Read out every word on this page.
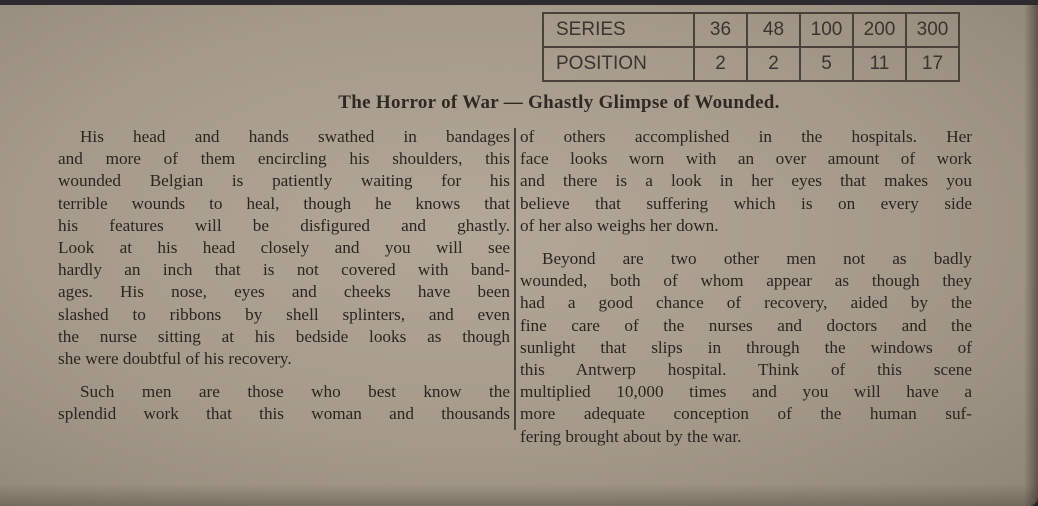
SERIES	36	48	100	200	300
POSITION	2	2	5	11	17
The Horror of War — Ghastly Glimpse of Wounded.
His head and hands swathed in bandages
and more of them encircling his shoulders, this
wounded Belgian is patiently waiting for his
terrible wounds to heal, though he knows that
his features will be disfigured and ghastly.
Look at his head closely and you will see
hardly an inch that is not covered with band-
ages. His nose, eyes and cheeks have been
slashed to ribbons by shell splinters, and even
the nurse sitting at his bedside looks as though
she were doubtful of his recovery.
Such men are those who best know the
splendid work that this woman and thousands
of others accomplished in the hospitals. Her
face looks worn with an over amount of work
and there is a look in her eyes that makes you
believe that suffering which is on every side
of her also weighs her down.
Beyond are two other men not as badly
wounded, both of whom appear as though they
had a good chance of recovery, aided by the
fine care of the nurses and doctors and the
sunlight that slips in through the windows of
this Antwerp hospital. Think of this scene
multiplied 10,000 times and you will have a
more adequate conception of the human suf-
fering brought about by the war.
